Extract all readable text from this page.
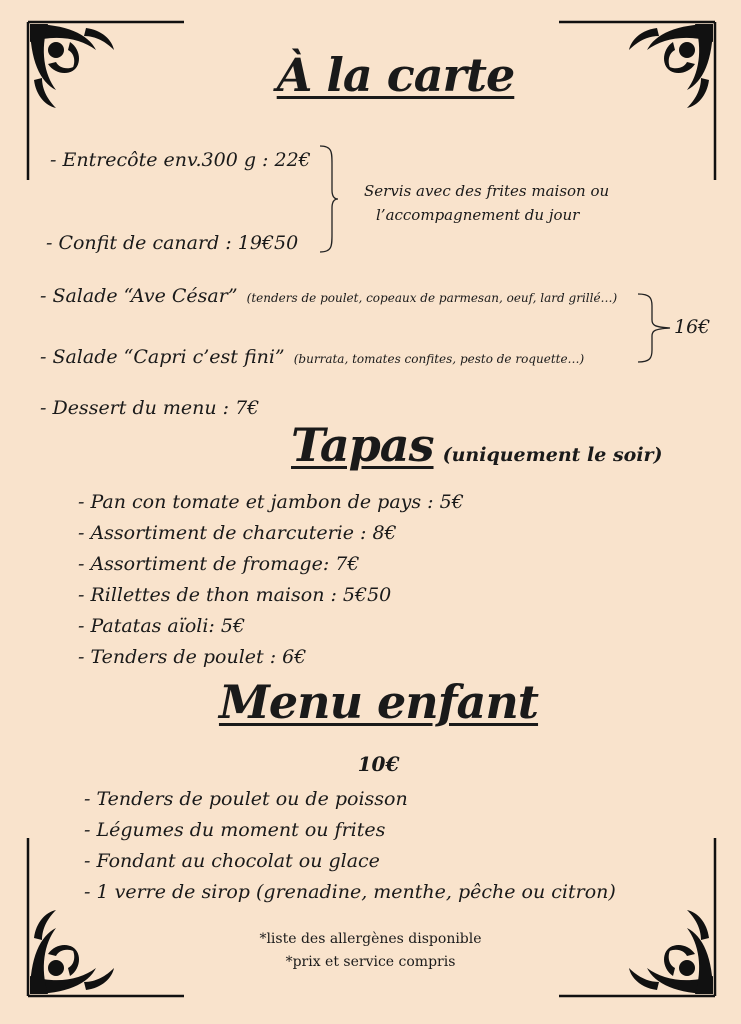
À la carte
- Entrecôte env.300 g : 22€
- Confit de canard : 19€50
Servis avec des frites maison ou
l’accompagnement du jour
- Salade “Ave César” (tenders de poulet, copeaux de parmesan, oeuf, lard grillé…)
- Salade “Capri c’est fini” (burrata, tomates confites, pesto de roquette…)
16€
- Dessert du menu : 7€
Tapas (uniquement le soir)
- Pan con tomate et jambon de pays : 5€
- Assortiment de charcuterie : 8€
- Assortiment de fromage: 7€
- Rillettes de thon maison : 5€50
- Patatas aïoli: 5€
- Tenders de poulet : 6€
Menu enfant
10€
- Tenders de poulet ou de poisson
- Légumes du moment ou frites
- Fondant au chocolat ou glace
- 1 verre de sirop (grenadine, menthe, pêche ou citron)
*liste des allergènes disponible
*prix et service compris
